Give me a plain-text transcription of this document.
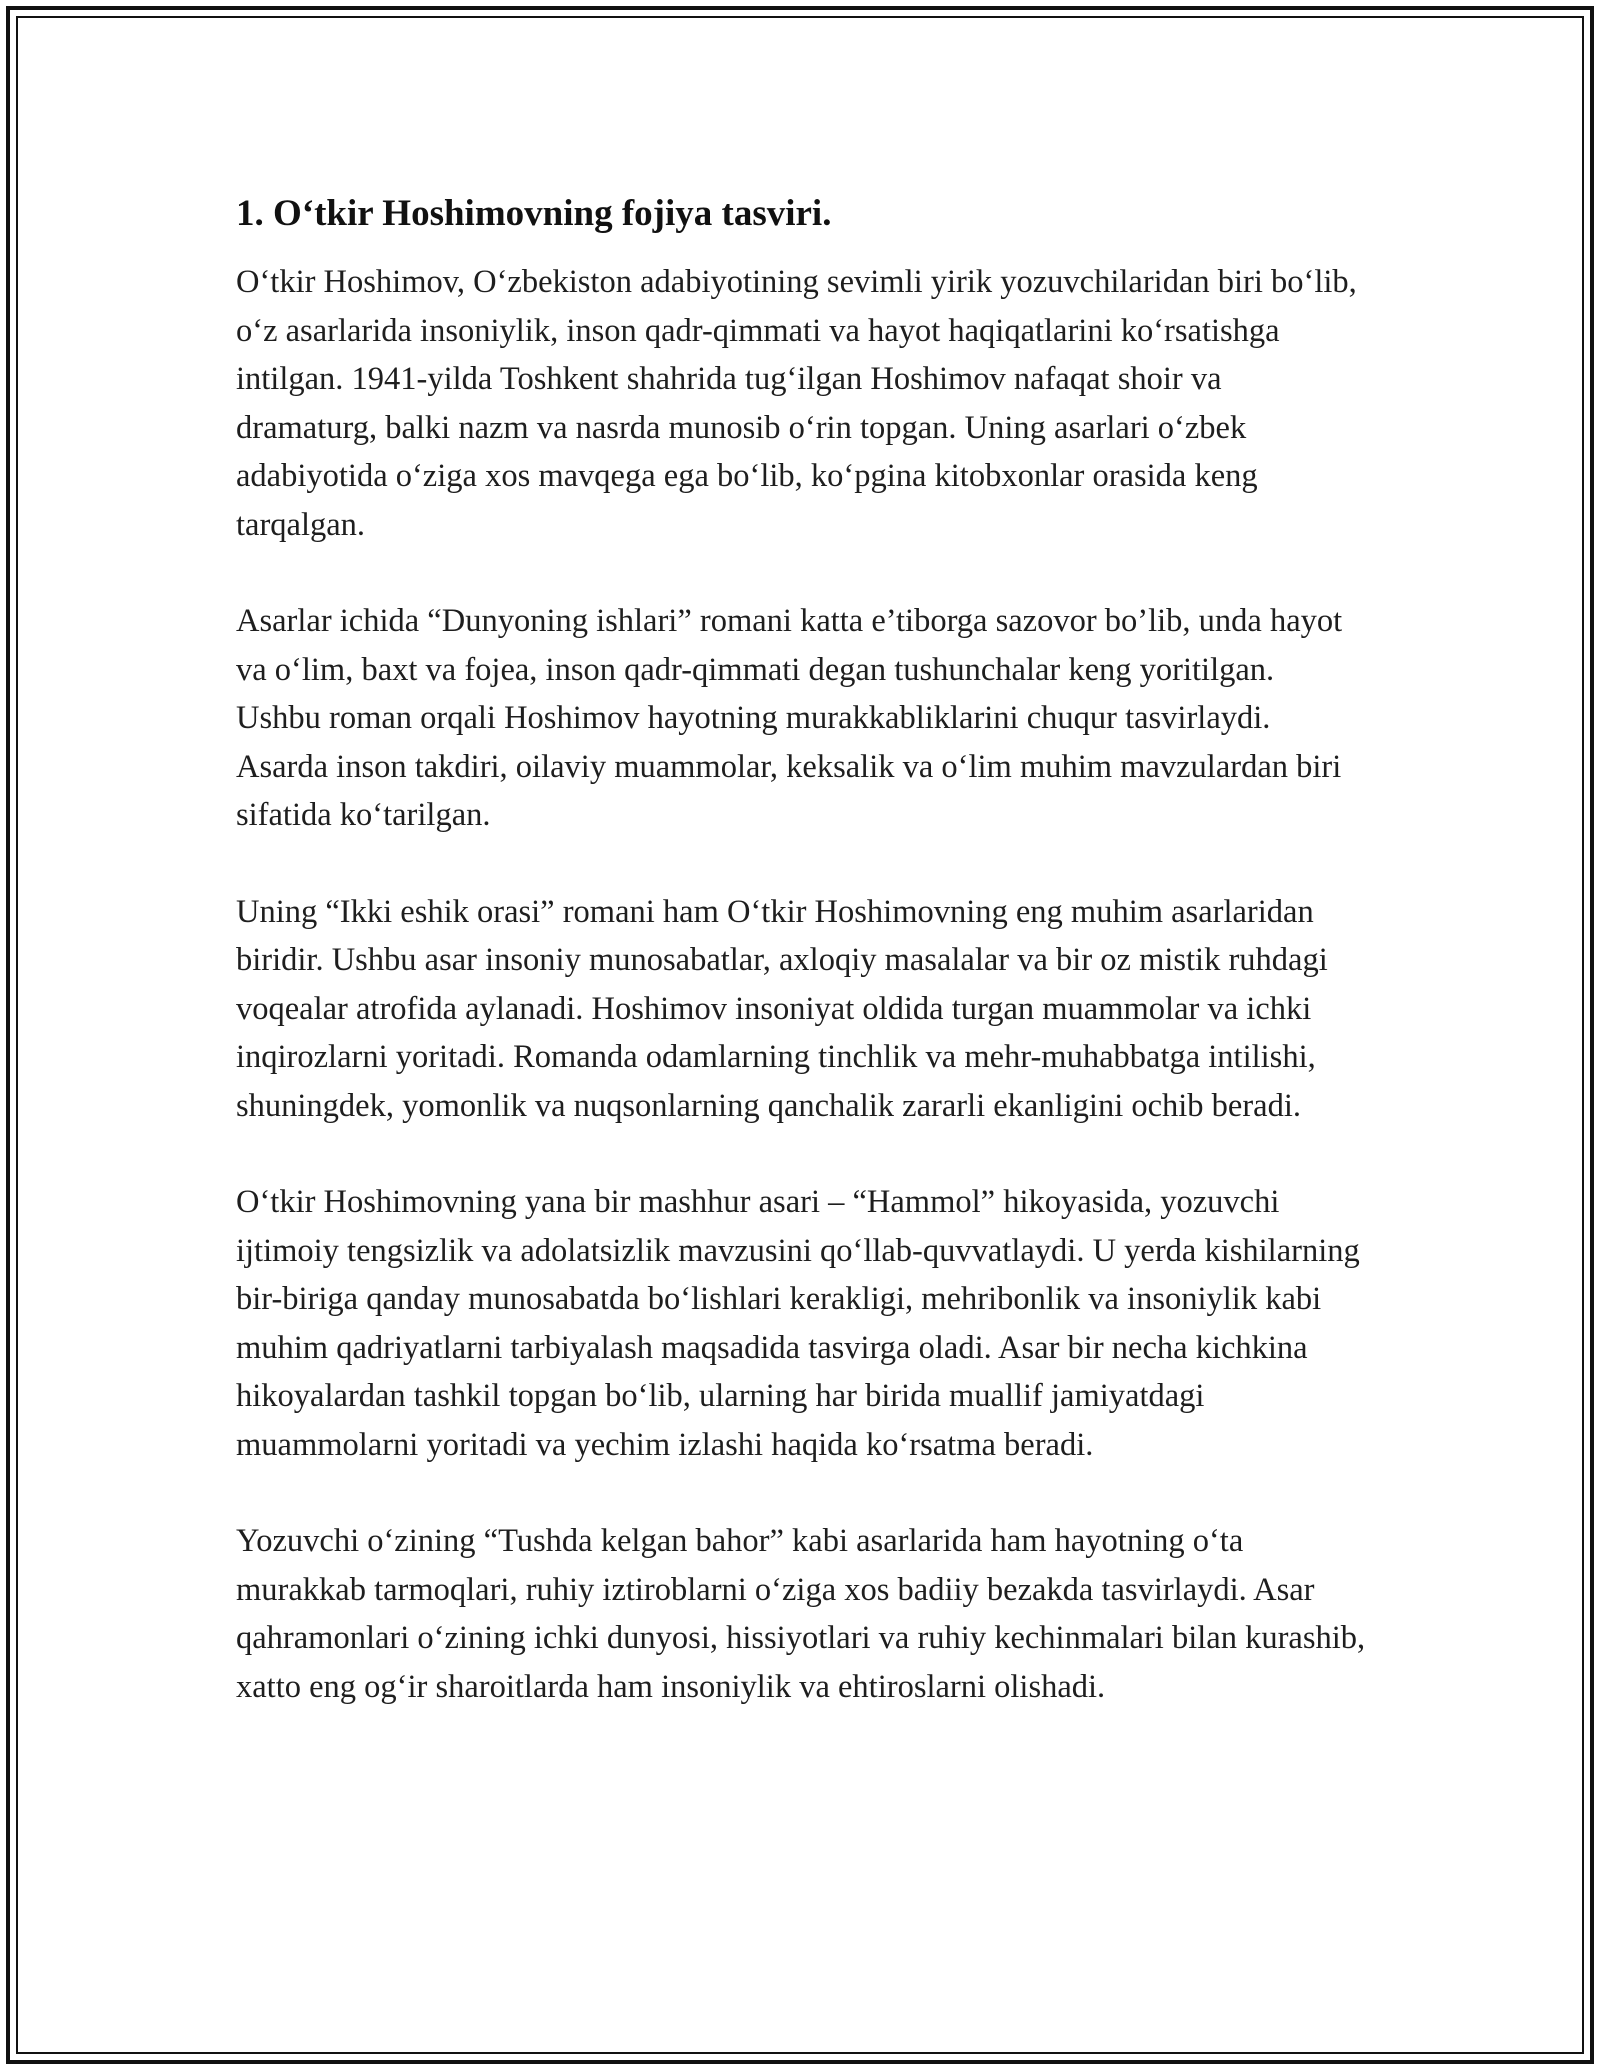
1. O‘tkir Hoshimovning fojiya tasviri.

O‘tkir Hoshimov, O‘zbekiston adabiyotining sevimli yirik yozuvchilaridan biri bo‘lib, o‘z asarlarida insoniylik, inson qadr-qimmati va hayot haqiqatlarini ko‘rsatishga intilgan. 1941-yilda Toshkent shahrida tug‘ilgan Hoshimov nafaqat shoir va dramaturg, balki nazm va nasrda munosib o‘rin topgan. Uning asarlari o‘zbek adabiyotida o‘ziga xos mavqega ega bo‘lib, ko‘pgina kitobxonlar orasida keng tarqalgan.

Asarlar ichida “Dunyoning ishlari” romani katta e’tiborga sazovor bo’lib, unda hayot va o‘lim, baxt va fojea, inson qadr-qimmati degan tushunchalar keng yoritilgan. Ushbu roman orqali Hoshimov hayotning murakkabliklarini chuqur tasvirlaydi. Asarda inson takdiri, oilaviy muammolar, keksalik va o‘lim muhim mavzulardan biri sifatida ko‘tarilgan.

Uning “Ikki eshik orasi” romani ham O‘tkir Hoshimovning eng muhim asarlaridan biridir. Ushbu asar insoniy munosabatlar, axloqiy masalalar va bir oz mistik ruhdagi voqealar atrofida aylanadi. Hoshimov insoniyat oldida turgan muammolar va ichki inqirozlarni yoritadi. Romanda odamlarning tinchlik va mehr-muhabbatga intilishi, shuningdek, yomonlik va nuqsonlarning qanchalik zararli ekanligini ochib beradi.

O‘tkir Hoshimovning yana bir mashhur asari – “Hammol” hikoyasida, yozuvchi ijtimoiy tengsizlik va adolatsizlik mavzusini qo‘llab-quvvatlaydi. U yerda kishilarning bir-biriga qanday munosabatda bo‘lishlari kerakligi, mehribonlik va insoniylik kabi muhim qadriyatlarni tarbiyalash maqsadida tasvirga oladi. Asar bir necha kichkina hikoyalardan tashkil topgan bo‘lib, ularning har birida muallif jamiyatdagi muammolarni yoritadi va yechim izlashi haqida ko‘rsatma beradi.

Yozuvchi o‘zining “Tushda kelgan bahor” kabi asarlarida ham hayotning o‘ta murakkab tarmoqlari, ruhiy iztiroblarni o‘ziga xos badiiy bezakda tasvirlaydi. Asar qahramonlari o‘zining ichki dunyosi, hissiyotlari va ruhiy kechinmalari bilan kurashib, xatto eng og‘ir sharoitlarda ham insoniylik va ehtiroslarni olishadi.
